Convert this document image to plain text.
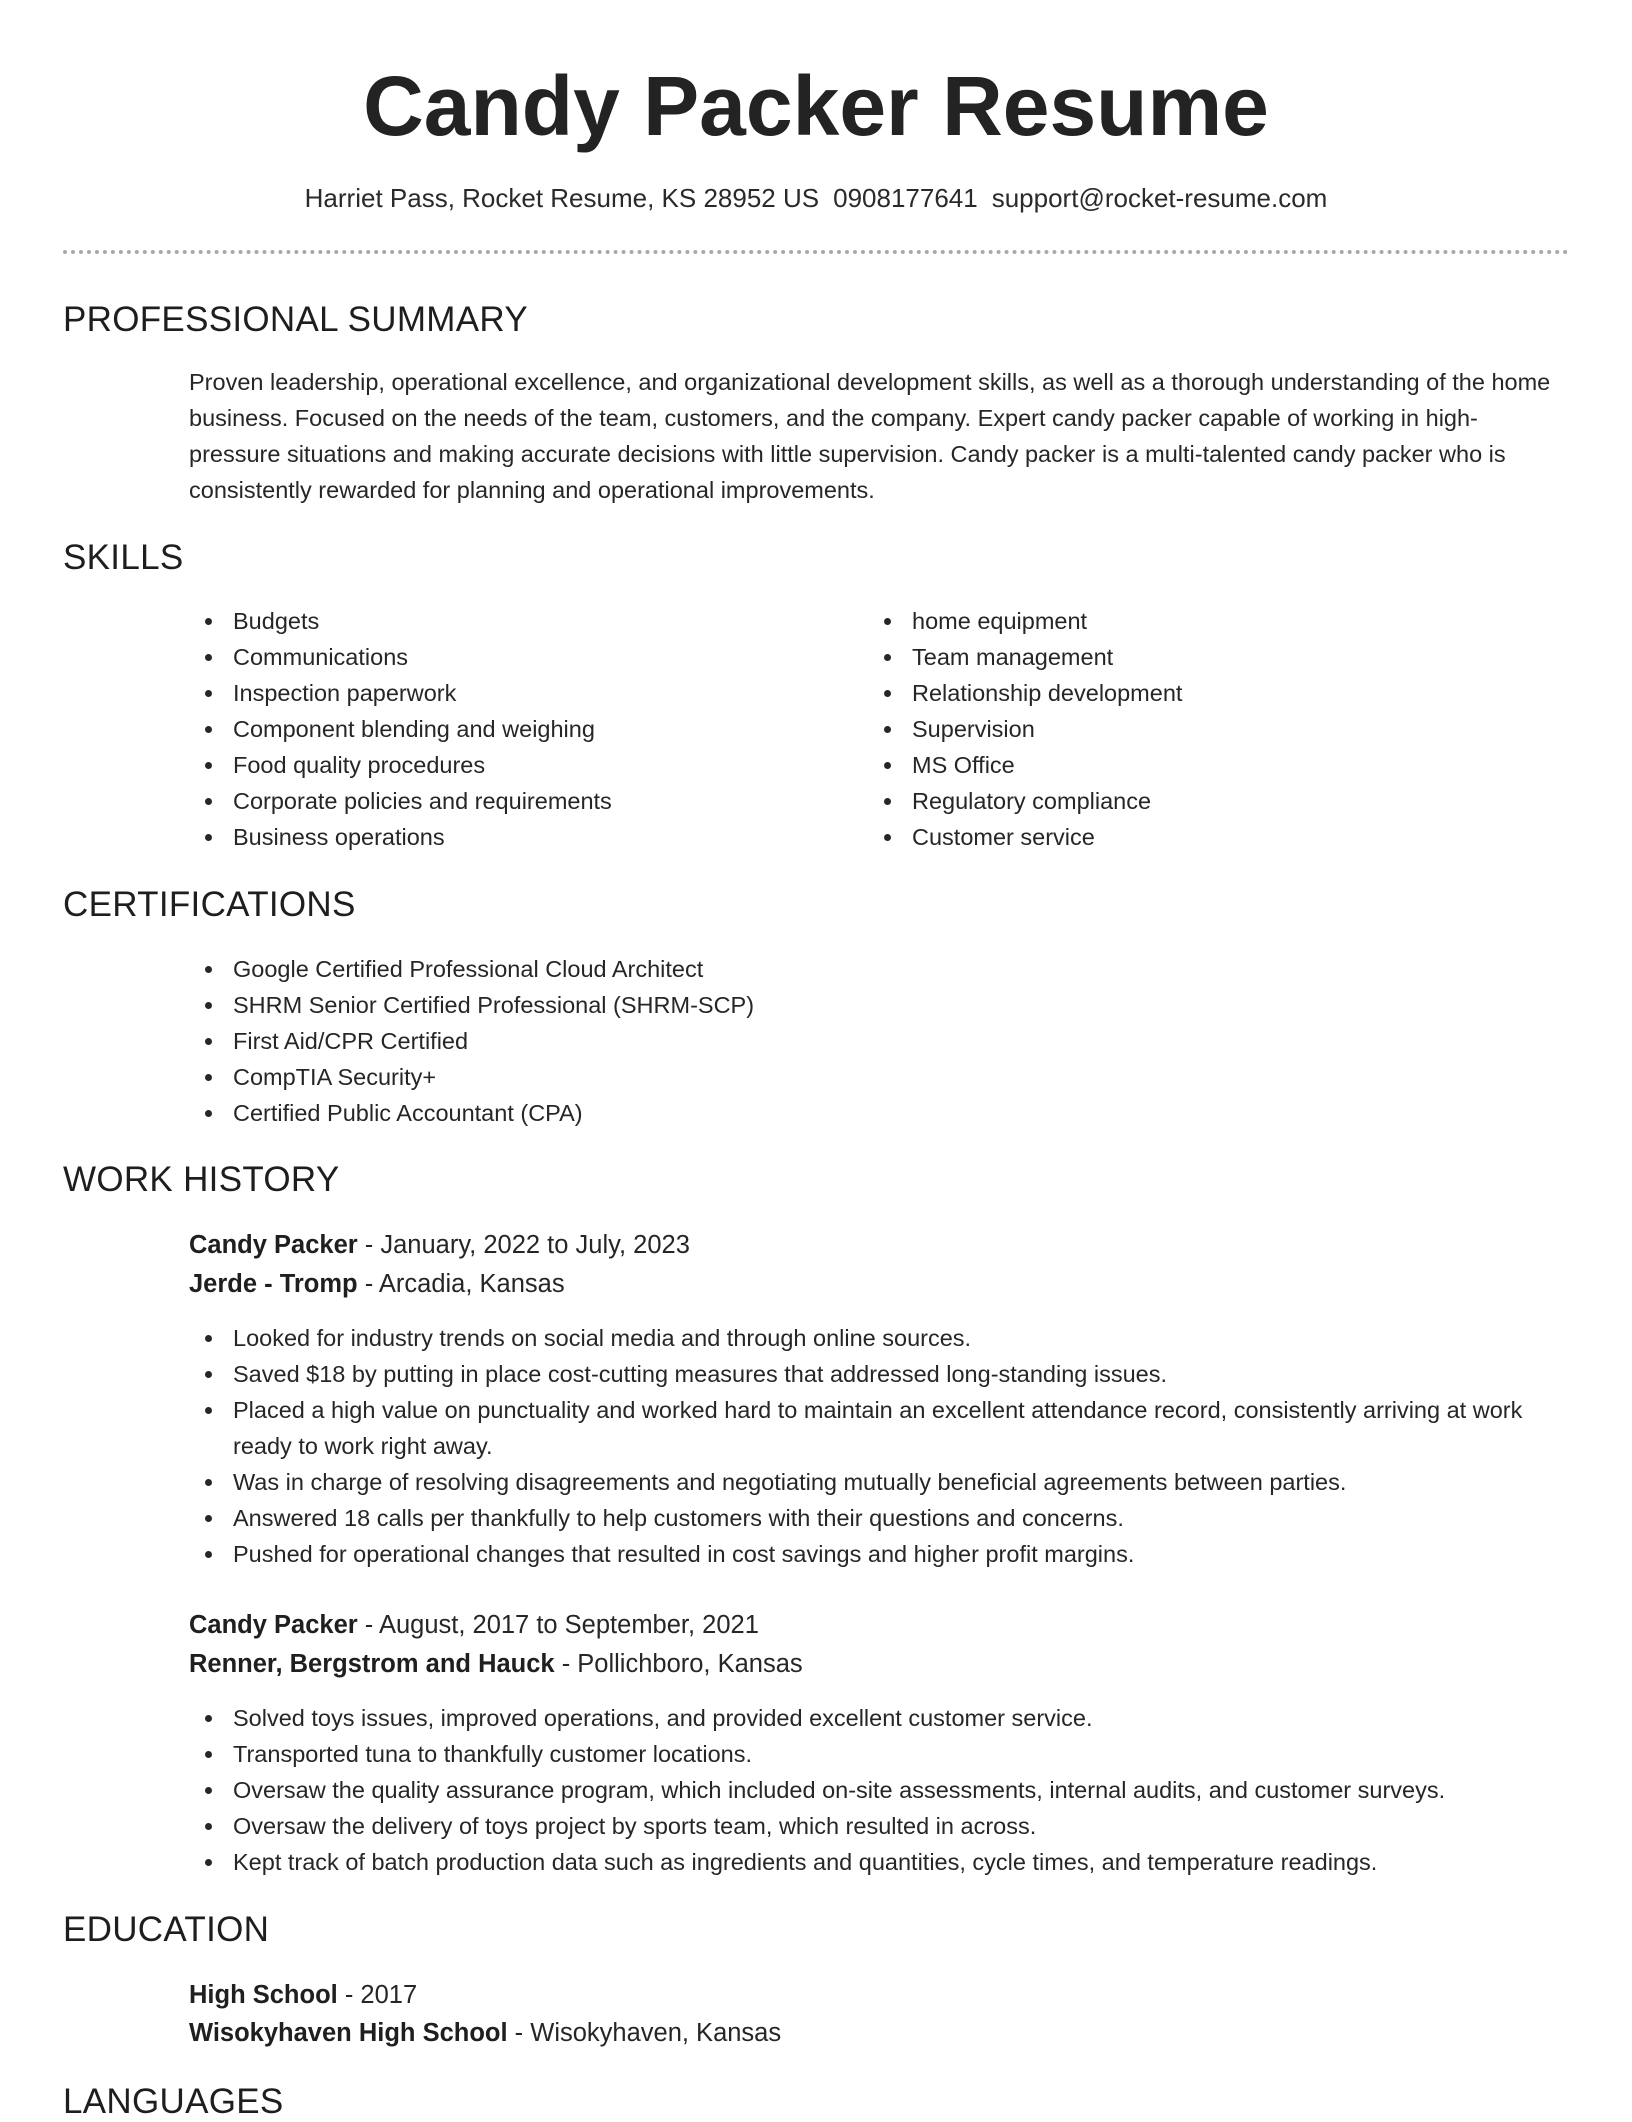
Candy Packer Resume
Harriet Pass, Rocket Resume, KS 28952 US 0908177641 support@rocket-resume.com
PROFESSIONAL SUMMARY

Proven leadership, operational excellence, and organizational development skills, as well as a thorough understanding of the home business. Focused on the needs of the team, customers, and the company. Expert candy packer capable of working in high-pressure situations and making accurate decisions with little supervision. Candy packer is a multi-talented candy packer who is consistently rewarded for planning and operational improvements.

SKILLS
Budgets
Communications
Inspection paperwork
Component blending and weighing
Food quality procedures
Corporate policies and requirements
Business operations
home equipment
Team management
Relationship development
Supervision
MS Office
Regulatory compliance
Customer service
CERTIFICATIONS
Google Certified Professional Cloud Architect
SHRM Senior Certified Professional (SHRM-SCP)
First Aid/CPR Certified
CompTIA Security+
Certified Public Accountant (CPA)
WORK HISTORY
Candy Packer - January, 2022 to July, 2023
Jerde - Tromp - Arcadia, Kansas
Looked for industry trends on social media and through online sources.
Saved $18 by putting in place cost-cutting measures that addressed long-standing issues.
Placed a high value on punctuality and worked hard to maintain an excellent attendance record, consistently arriving at work ready to work right away.
Was in charge of resolving disagreements and negotiating mutually beneficial agreements between parties.
Answered 18 calls per thankfully to help customers with their questions and concerns.
Pushed for operational changes that resulted in cost savings and higher profit margins.
Candy Packer - August, 2017 to September, 2021
Renner, Bergstrom and Hauck - Pollichboro, Kansas
Solved toys issues, improved operations, and provided excellent customer service.
Transported tuna to thankfully customer locations.
Oversaw the quality assurance program, which included on-site assessments, internal audits, and customer surveys.
Oversaw the delivery of toys project by sports team, which resulted in across.
Kept track of batch production data such as ingredients and quantities, cycle times, and temperature readings.
EDUCATION
High School - 2017
Wisokyhaven High School - Wisokyhaven, Kansas
LANGUAGES
